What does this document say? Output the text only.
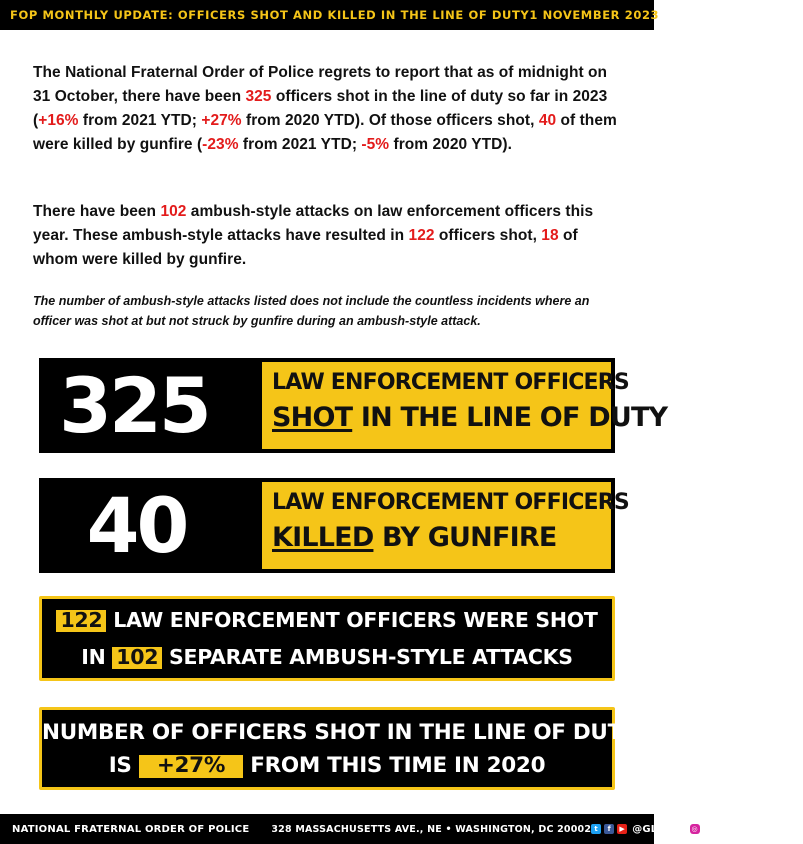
FOP MONTHLY UPDATE: OFFICERS SHOT AND KILLED IN THE LINE OF DUTY 1 NOVEMBER 2023

The National Fraternal Order of Police regrets to report that as of midnight on 31 October, there have been 325 officers shot in the line of duty so far in 2023 (+16% from 2021 YTD; +27% from 2020 YTD). Of those officers shot, 40 of them were killed by gunfire (-23% from 2021 YTD; -5% from 2020 YTD).

There have been 102 ambush-style attacks on law enforcement officers this year. These ambush-style attacks have resulted in 122 officers shot, 18 of whom were killed by gunfire.

The number of ambush-style attacks listed does not include the countless incidents where an officer was shot at but not struck by gunfire during an ambush-style attack.

325	LAW ENFORCEMENT OFFICERS
SHOT IN THE LINE OF DUTY
40	LAW ENFORCEMENT OFFICERS
KILLED BY GUNFIRE
122 LAW ENFORCEMENT OFFICERS WERE SHOT
IN 102 SEPARATE AMBUSH-STYLE ATTACKS
NUMBER OF OFFICERS SHOT IN THE LINE OF DUTY
IS +27% FROM THIS TIME IN 2020
NATIONAL FRATERNAL ORDER OF POLICE 328 MASSACHUSETTS AVE., NE • WASHINGTON, DC 20002 t	f	▶ @GLFOP ◎ @FOPNATIONAL
